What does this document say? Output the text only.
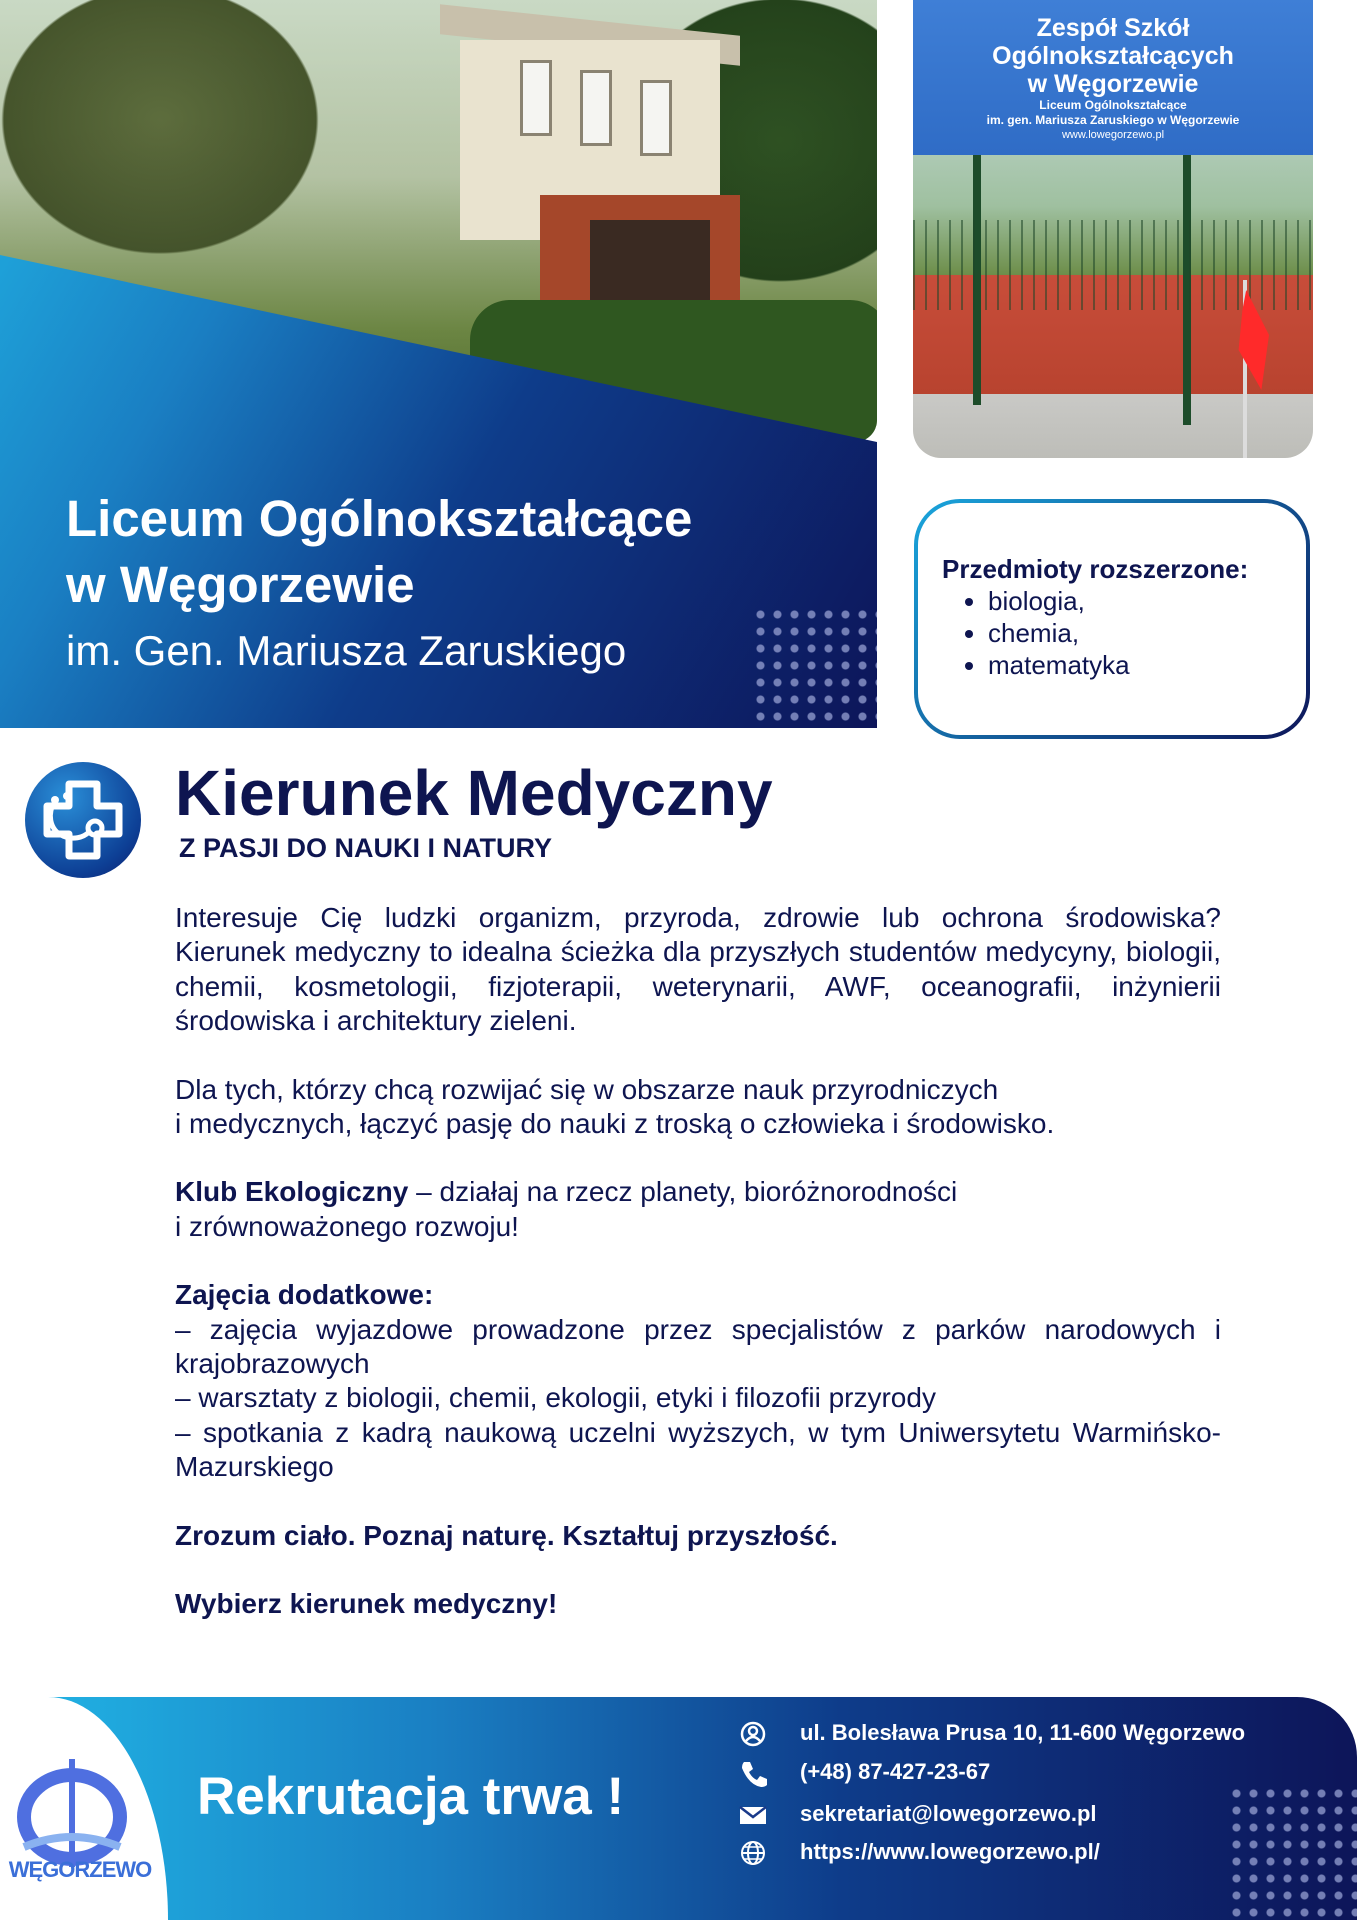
Zespół Szkół Ogólnokształcących
w Węgorzewie
Liceum Ogólnokształcące
im. gen. Mariusza Zaruskiego w Węgorzewie
www.lowegorzewo.pl
Liceum Ogólnokształcące
w Węgorzewie
im. Gen. Mariusza Zaruskiego
Przedmioty rozszerzone:
• biologia,
• chemia,
• matematyka
Kierunek Medyczny
Z PASJI DO NAUKI I NATURY

Interesuje Cię ludzki organizm, przyroda, zdrowie lub ochrona środowiska? Kierunek medyczny to idealna ścieżka dla przyszłych studentów medycyny, biologii, chemii, kosmetologii, fizjoterapii, weterynarii, AWF, oceanografii, inżynierii środowiska i architektury zieleni.

Dla tych, którzy chcą rozwijać się w obszarze nauk przyrodniczych

i medycznych, łączyć pasję do nauki z troską o człowieka i środowisko.

Klub Ekologiczny – działaj na rzecz planety, bioróżnorodności

i zrównoważonego rozwoju!

Zajęcia dodatkowe:

– zajęcia wyjazdowe prowadzone przez specjalistów z parków narodowych i krajobrazowych

– warsztaty z biologii, chemii, ekologii, etyki i filozofii przyrody

– spotkania z kadrą naukową uczelni wyższych, w tym Uniwersytetu Warmińsko-Mazurskiego

Zrozum ciało. Poznaj naturę. Kształtuj przyszłość.

Wybierz kierunek medyczny!

WĘGORZEWO
Rekrutacja trwa !
ul. Bolesława Prusa 10, 11-600 Węgorzewo
(+48) 87-427-23-67
sekretariat@lowegorzewo.pl
https://www.lowegorzewo.pl/
